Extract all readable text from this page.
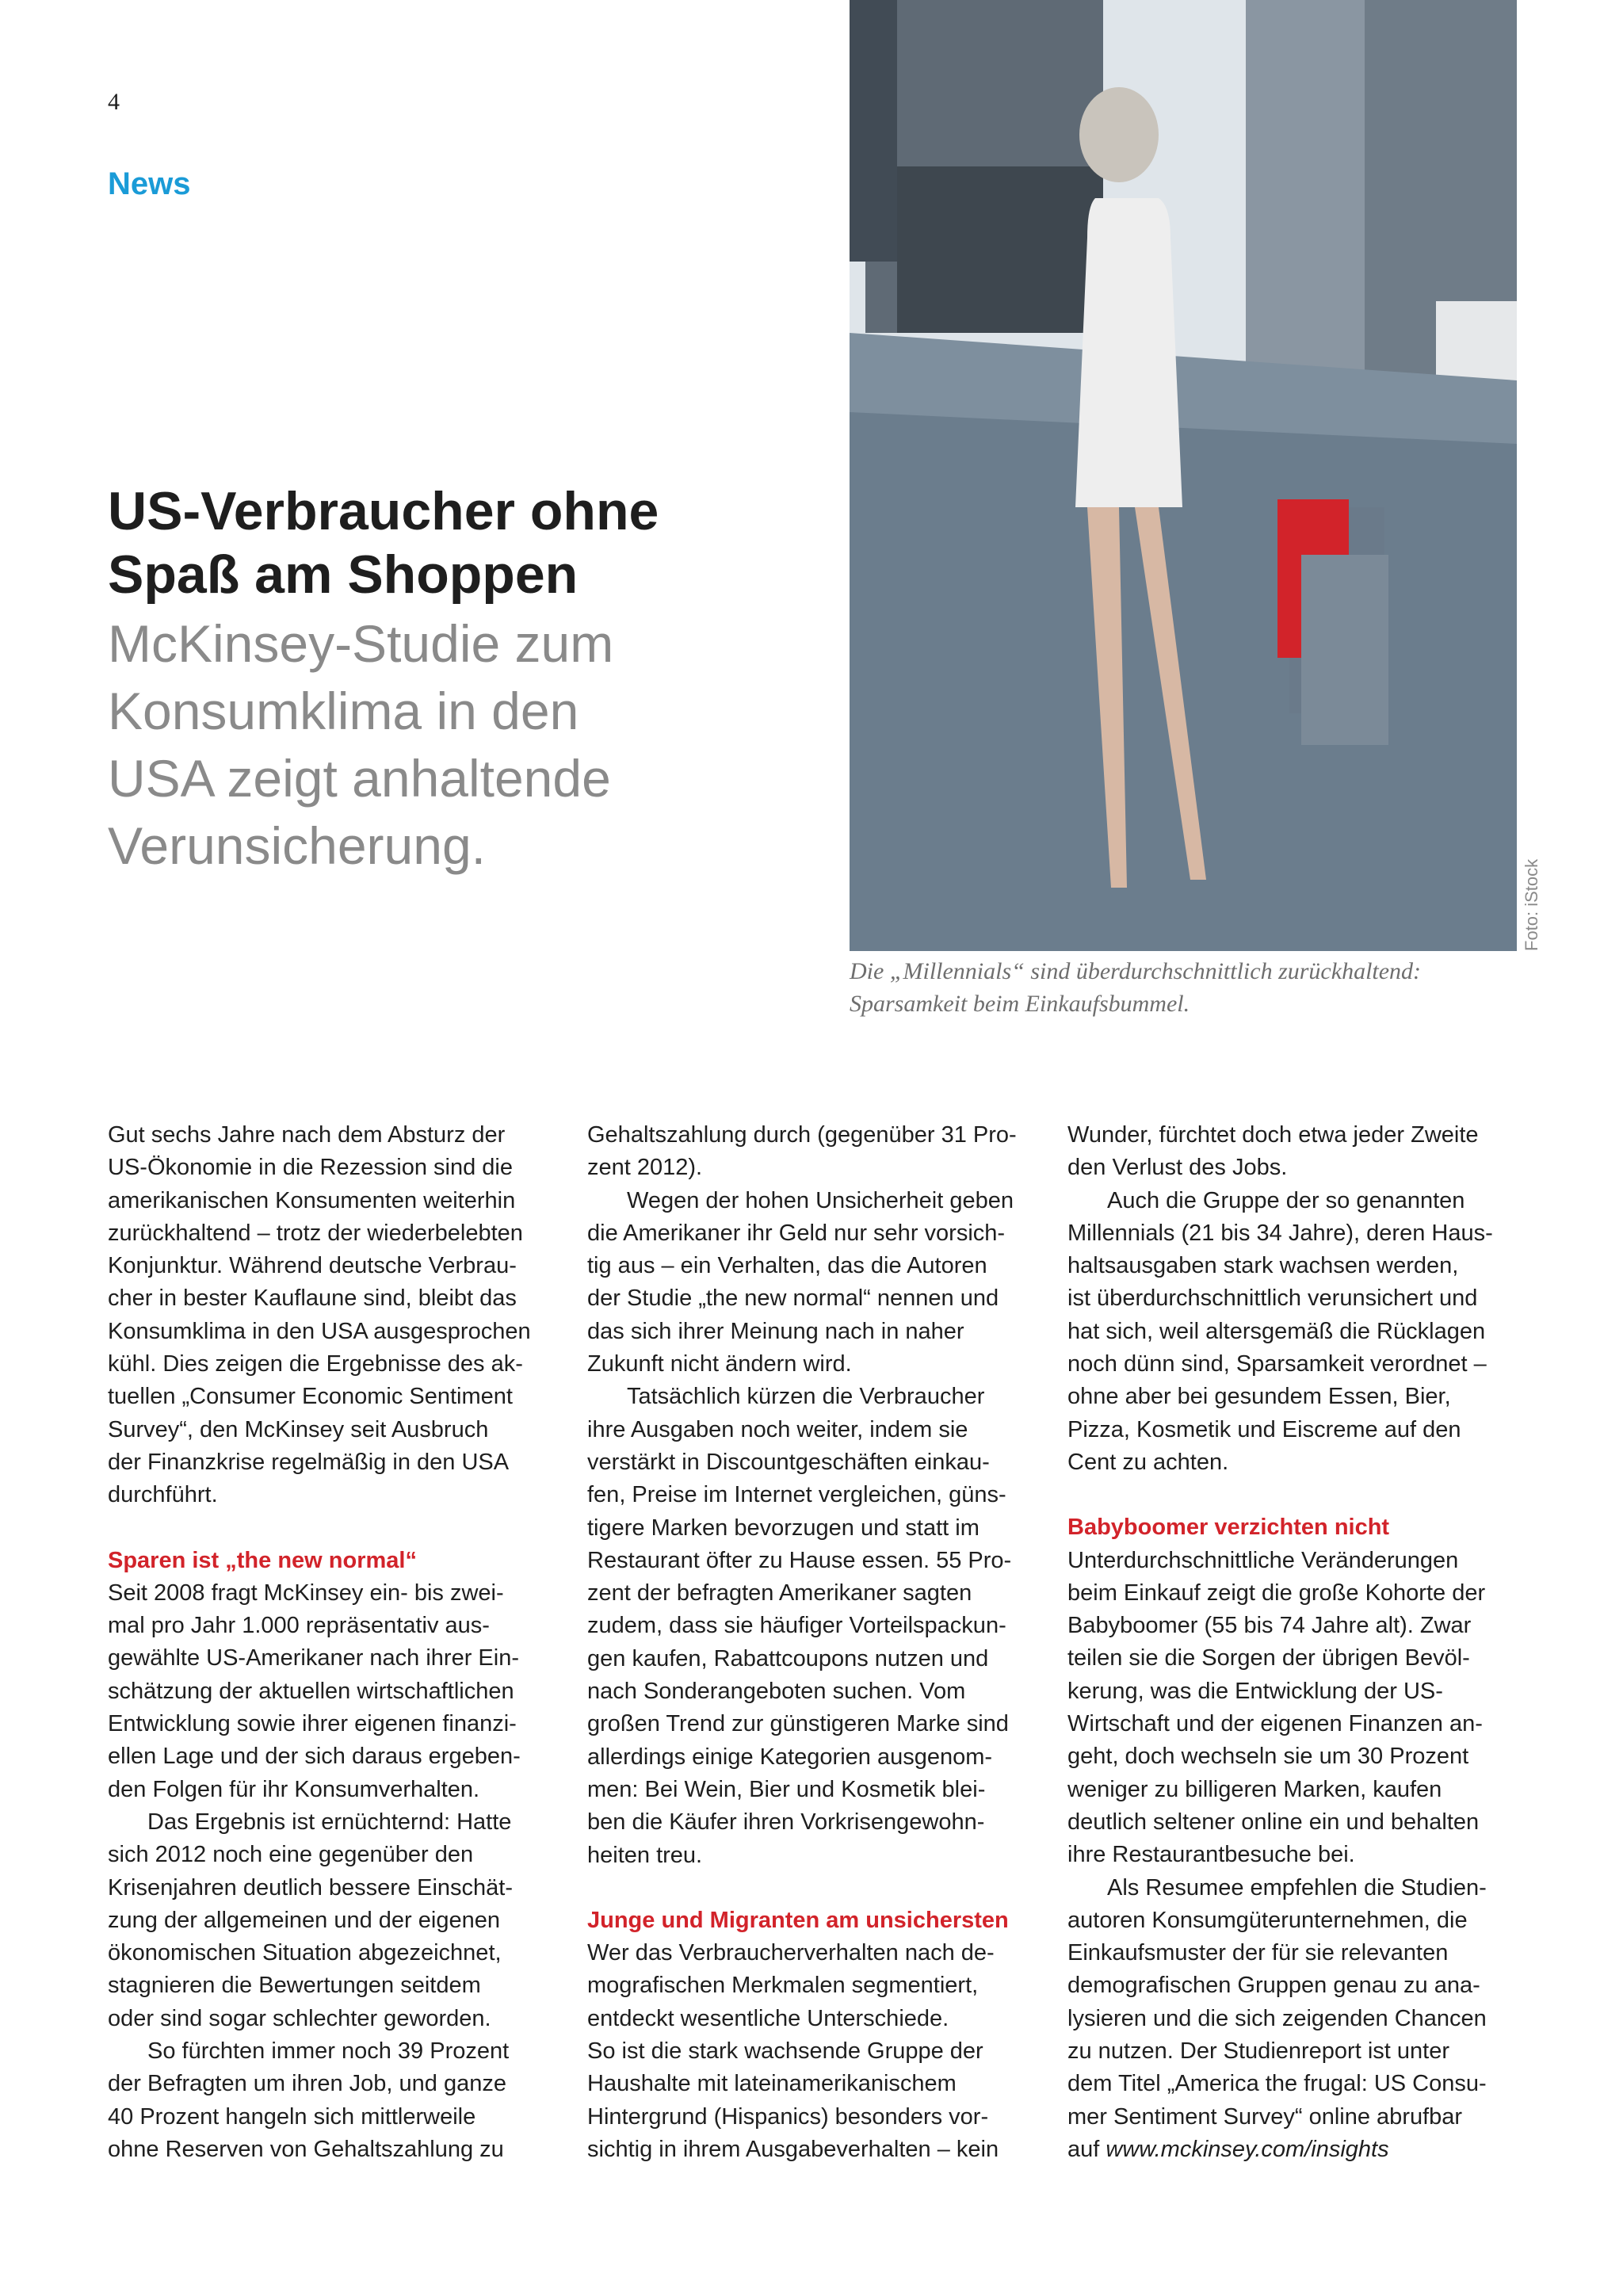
4
News
US-Verbraucher ohne
Spaß am Shoppen
McKinsey-Studie zum
Konsumklima in den
USA zeigt anhaltende
Verunsicherung.
Foto: iStock
Die „Millennials“ sind überdurchschnittlich zurückhaltend:
Sparsamkeit beim Einkaufsbummel.

Gut sechs Jahre nach dem Absturz der
US-Ökonomie in die Rezession sind die
amerikanischen Konsumenten weiterhin
zurückhaltend – trotz der wiederbelebten
Konjunktur. Während deutsche Verbrau-
cher in bester Kauflaune sind, bleibt das
Konsumklima in den USA ausgesprochen
kühl. Dies zeigen die Ergebnisse des ak-
tuellen „Consumer Economic Sentiment
Survey“, den McKinsey seit Ausbruch
der Finanzkrise regelmäßig in den USA
durchführt.

Sparen ist „the new normal“

Seit 2008 fragt McKinsey ein- bis zwei-
mal pro Jahr 1.000 repräsentativ aus-
gewählte US-Amerikaner nach ihrer Ein-
schätzung der aktuellen wirtschaftlichen
Entwicklung sowie ihrer eigenen finanzi-
ellen Lage und der sich daraus ergeben-
den Folgen für ihr Konsumverhalten.

Das Ergebnis ist ernüchternd: Hatte
sich 2012 noch eine gegenüber den
Krisenjahren deutlich bessere Einschät-
zung der allgemeinen und der eigenen
ökonomischen Situation abgezeichnet,
stagnieren die Bewertungen seitdem
oder sind sogar schlechter geworden.

So fürchten immer noch 39 Prozent
der Befragten um ihren Job, und ganze
40 Prozent hangeln sich mittlerweile
ohne Reserven von Gehaltszahlung zu

Gehaltszahlung durch (gegenüber 31 Pro-
zent 2012).

Wegen der hohen Unsicherheit geben
die Amerikaner ihr Geld nur sehr vorsich-
tig aus – ein Verhalten, das die Autoren
der Studie „the new normal“ nennen und
das sich ihrer Meinung nach in naher
Zukunft nicht ändern wird.

Tatsächlich kürzen die Verbraucher
ihre Ausgaben noch weiter, indem sie
verstärkt in Discountgeschäften einkau-
fen, Preise im Internet vergleichen, güns-
tigere Marken bevorzugen und statt im
Restaurant öfter zu Hause essen. 55 Pro-
zent der befragten Amerikaner sagten
zudem, dass sie häufiger Vorteilspackun-
gen kaufen, Rabattcoupons nutzen und
nach Sonderangeboten suchen. Vom
großen Trend zur günstigeren Marke sind
allerdings einige Kategorien ausgenom-
men: Bei Wein, Bier und Kosmetik blei-
ben die Käufer ihren Vorkrisengewohn-
heiten treu.

Junge und Migranten am unsichersten

Wer das Verbraucherverhalten nach de-
mografischen Merkmalen segmentiert,
entdeckt wesentliche Unterschiede.
So ist die stark wachsende Gruppe der
Haushalte mit lateinamerikanischem
Hintergrund (Hispanics) besonders vor-
sichtig in ihrem Ausgabeverhalten – kein

Wunder, fürchtet doch etwa jeder Zweite
den Verlust des Jobs.

Auch die Gruppe der so genannten
Millennials (21 bis 34 Jahre), deren Haus-
haltsausgaben stark wachsen werden,
ist überdurchschnittlich verunsichert und
hat sich, weil altersgemäß die Rücklagen
noch dünn sind, Sparsamkeit verordnet –
ohne aber bei gesundem Essen, Bier,
Pizza, Kosmetik und Eiscreme auf den
Cent zu achten.

Babyboomer verzichten nicht

Unterdurchschnittliche Veränderungen
beim Einkauf zeigt die große Kohorte der
Babyboomer (55 bis 74 Jahre alt). Zwar
teilen sie die Sorgen der übrigen Bevöl-
kerung, was die Entwicklung der US-
Wirtschaft und der eigenen Finanzen an-
geht, doch wechseln sie um 30 Prozent
weniger zu billigeren Marken, kaufen
deutlich seltener online ein und behalten
ihre Restaurantbesuche bei.

Als Resumee empfehlen die Studien-
autoren Konsumgüterunternehmen, die
Einkaufsmuster der für sie relevanten
demografischen Gruppen genau zu ana-
lysieren und die sich zeigenden Chancen
zu nutzen. Der Studienreport ist unter
dem Titel „America the frugal: US Consu-
mer Sentiment Survey“ online abrufbar
auf www.mckinsey.com/insights
